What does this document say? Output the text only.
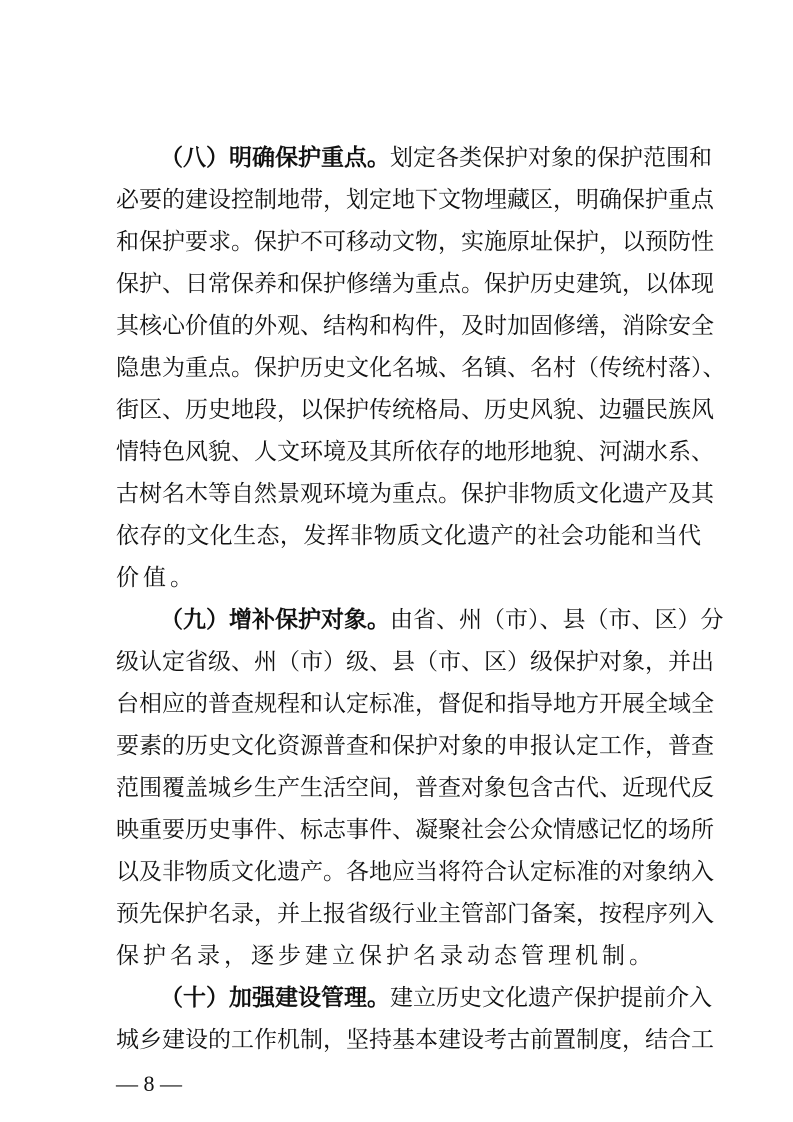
（八）明确保护重点。划定各类保护对象的保护范围和
必要的建设控制地带，划定地下文物埋藏区，明确保护重点
和保护要求。保护不可移动文物，实施原址保护，以预防性
保护、日常保养和保护修缮为重点。保护历史建筑，以体现
其核心价值的外观、结构和构件，及时加固修缮，消除安全
隐患为重点。保护历史文化名城、名镇、名村（传统村落）、
街区、历史地段，以保护传统格局、历史风貌、边疆民族风
情特色风貌、人文环境及其所依存的地形地貌、河湖水系、
古树名木等自然景观环境为重点。保护非物质文化遗产及其
依存的文化生态，发挥非物质文化遗产的社会功能和当代
价值。
（九）增补保护对象。由省、州（市）、县（市、区）分
级认定省级、州（市）级、县（市、区）级保护对象，并出
台相应的普查规程和认定标准，督促和指导地方开展全域全
要素的历史文化资源普查和保护对象的申报认定工作，普查
范围覆盖城乡生产生活空间，普查对象包含古代、近现代反
映重要历史事件、标志事件、凝聚社会公众情感记忆的场所
以及非物质文化遗产。各地应当将符合认定标准的对象纳入
预先保护名录，并上报省级行业主管部门备案，按程序列入
保护名录，逐步建立保护名录动态管理机制。
（十）加强建设管理。建立历史文化遗产保护提前介入
城乡建设的工作机制，坚持基本建设考古前置制度，结合工
— 8 —
